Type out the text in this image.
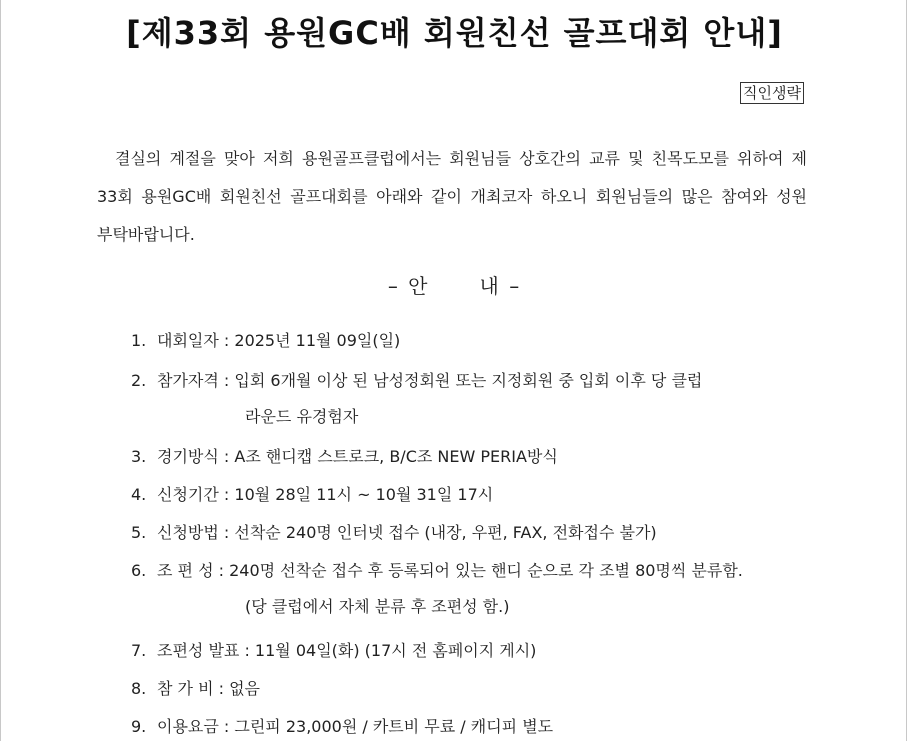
[제33회 용원GC배 회원친선 골프대회 안내]
직인생략
결실의 계절을 맞아 저희 용원골프클럽에서는 회원님들 상호간의 교류 및 친목도모를 위하여 제33회 용원GC배 회원친선 골프대회를 아래와 같이 개최코자 하오니 회원님들의 많은 참여와 성원 부탁바랍니다.
– 안	내 –
1. 대회일자 : 2025년 11월 09일(일)
2. 참가자격 : 입회 6개월 이상 된 남성정회원 또는 지정회원 중 입회 이후 당 클럽
라운드 유경험자
3. 경기방식 : A조 핸디캡 스트로크, B/C조 NEW PERIA방식
4. 신청기간 : 10월 28일 11시 ~ 10월 31일 17시
5. 신청방법 : 선착순 240명 인터넷 접수 (내장, 우편, FAX, 전화접수 불가)
6. 조 편 성 : 240명 선착순 접수 후 등록되어 있는 핸디 순으로 각 조별 80명씩 분류함.
(당 클럽에서 자체 분류 후 조편성 함.)
7. 조편성 발표 : 11월 04일(화) (17시 전 홈페이지 게시)
8. 참 가 비 : 없음
9. 이용요금 : 그린피 23,000원 / 카트비 무료 / 캐디피 별도
